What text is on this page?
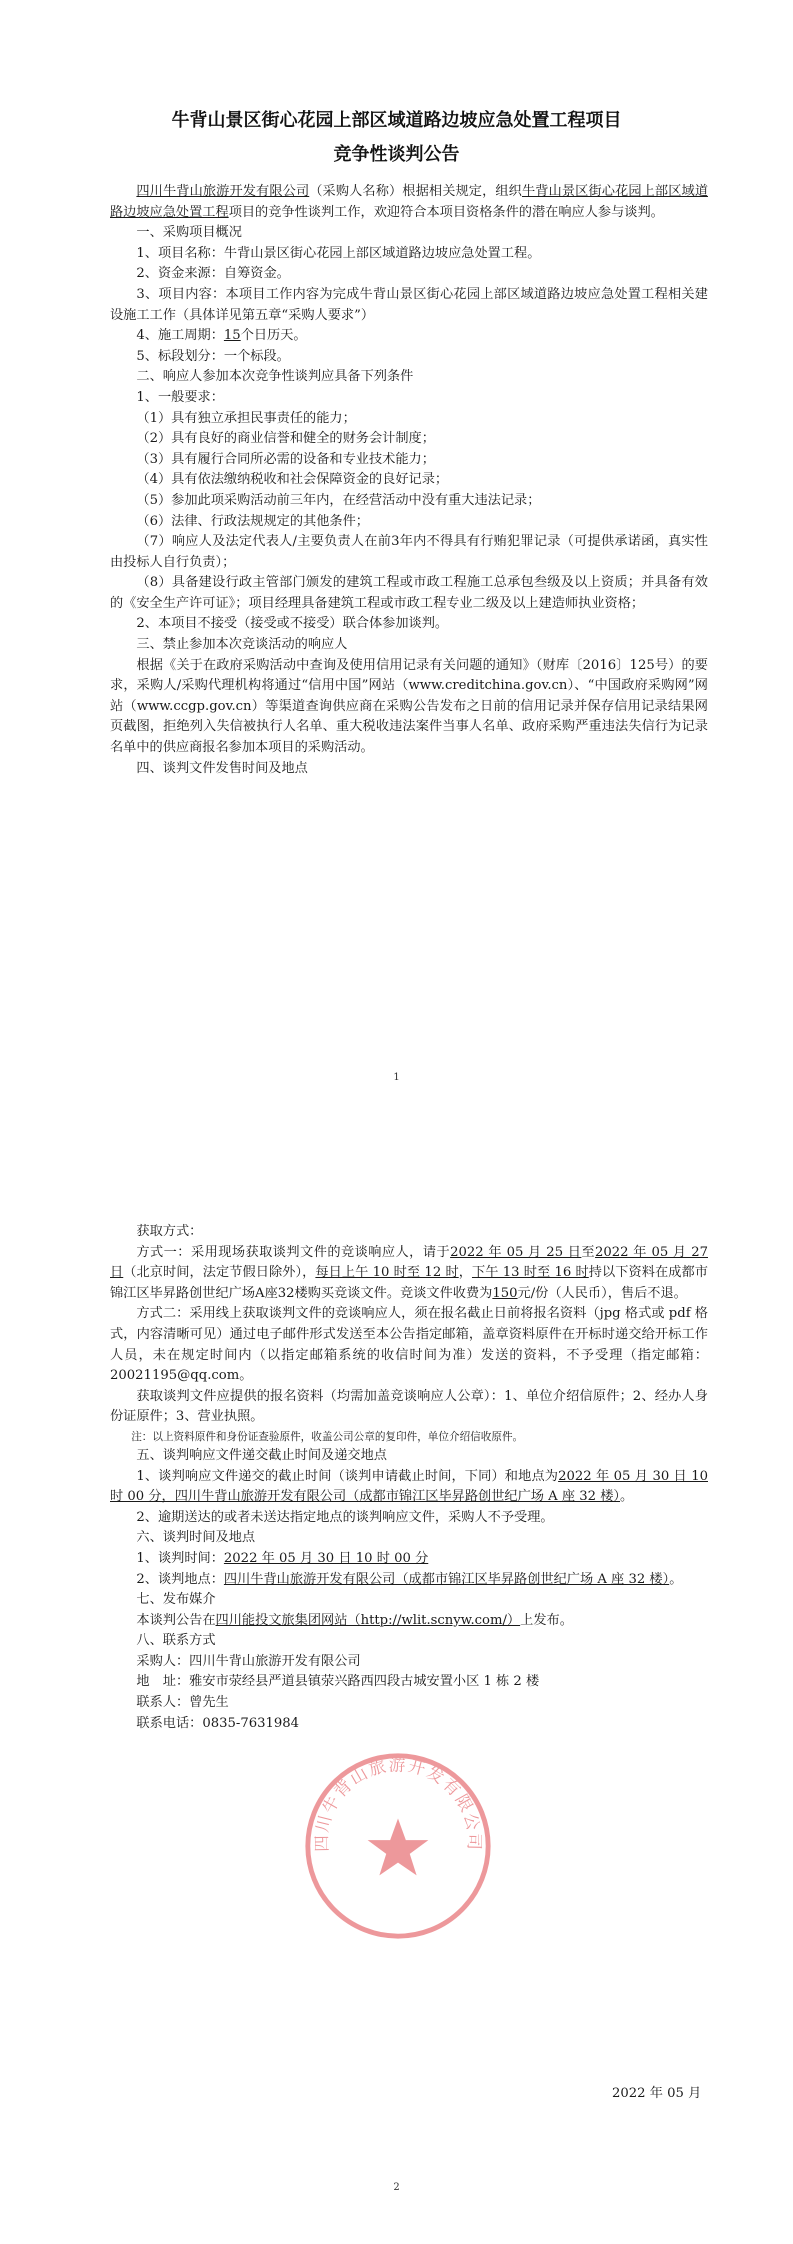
牛背山景区街心花园上部区域道路边坡应急处置工程项目
竞争性谈判公告

四川牛背山旅游开发有限公司（采购人名称）根据相关规定，组织牛背山景区街心花园上部区域道路边坡应急处置工程项目的竞争性谈判工作，欢迎符合本项目资格条件的潜在响应人参与谈判。

一、采购项目概况

1、项目名称：牛背山景区街心花园上部区域道路边坡应急处置工程。

2、资金来源：自筹资金。

3、项目内容：本项目工作内容为完成牛背山景区街心花园上部区域道路边坡应急处置工程相关建设施工工作（具体详见第五章“采购人要求”）

4、施工周期：15个日历天。

5、标段划分：一个标段。

二、响应人参加本次竞争性谈判应具备下列条件

1、一般要求：

（1）具有独立承担民事责任的能力；

（2）具有良好的商业信誉和健全的财务会计制度；

（3）具有履行合同所必需的设备和专业技术能力；

（4）具有依法缴纳税收和社会保障资金的良好记录；

（5）参加此项采购活动前三年内，在经营活动中没有重大违法记录；

（6）法律、行政法规规定的其他条件；

（7）响应人及法定代表人/主要负责人在前3年内不得具有行贿犯罪记录（可提供承诺函，真实性由投标人自行负责）；

（8）具备建设行政主管部门颁发的建筑工程或市政工程施工总承包叁级及以上资质；并具备有效的《安全生产许可证》；项目经理具备建筑工程或市政工程专业二级及以上建造师执业资格；

2、本项目不接受（接受或不接受）联合体参加谈判。

三、禁止参加本次竞谈活动的响应人

根据《关于在政府采购活动中查询及使用信用记录有关问题的通知》（财库〔2016〕125号）的要求，采购人/采购代理机构将通过“信用中国”网站（www.creditchina.gov.cn）、“中国政府采购网”网站（www.ccgp.gov.cn）等渠道查询供应商在采购公告发布之日前的信用记录并保存信用记录结果网页截图，拒绝列入失信被执行人名单、重大税收违法案件当事人名单、政府采购严重违法失信行为记录名单中的供应商报名参加本项目的采购活动。

四、谈判文件发售时间及地点

1

获取方式：

方式一：采用现场获取谈判文件的竞谈响应人，请于2022 年 05 月 25 日至2022 年 05 月 27 日（北京时间，法定节假日除外），每日上午 10 时至 12 时，下午 13 时至 16 时持以下资料在成都市锦江区毕昇路创世纪广场A座32楼购买竞谈文件。竞谈文件收费为150元/份（人民币），售后不退。

方式二：采用线上获取谈判文件的竞谈响应人，须在报名截止日前将报名资料（jpg 格式或 pdf 格式，内容清晰可见）通过电子邮件形式发送至本公告指定邮箱，盖章资料原件在开标时递交给开标工作人员，未在规定时间内（以指定邮箱系统的收信时间为准）发送的资料，不予受理（指定邮箱：20021195@qq.com。

获取谈判文件应提供的报名资料（均需加盖竞谈响应人公章）：1、单位介绍信原件；2、经办人身份证原件；3、营业执照。

注：以上资料原件和身份证查验原件，收盖公司公章的复印件，单位介绍信收原件。

五、谈判响应文件递交截止时间及递交地点

1、谈判响应文件递交的截止时间（谈判申请截止时间，下同）和地点为2022 年 05 月 30 日 10 时 00 分，四川牛背山旅游开发有限公司（成都市锦江区毕昇路创世纪广场 A 座 32 楼）。

2、逾期送达的或者未送达指定地点的谈判响应文件，采购人不予受理。

六、谈判时间及地点

1、谈判时间：2022 年 05 月 30 日 10 时 00 分

2、谈判地点：四川牛背山旅游开发有限公司（成都市锦江区毕昇路创世纪广场 A 座 32 楼）。

七、发布媒介

本谈判公告在四川能投文旅集团网站（http://wlit.scnyw.com/）上发布。

八、联系方式

采购人：四川牛背山旅游开发有限公司

地　址：雅安市荥经县严道县镇荥兴路西四段古城安置小区 1 栋 2 楼

联系人：曾先生

联系电话：0835-7631984

2022 年 05 月
2
四川牛背山旅游开发有限公司
